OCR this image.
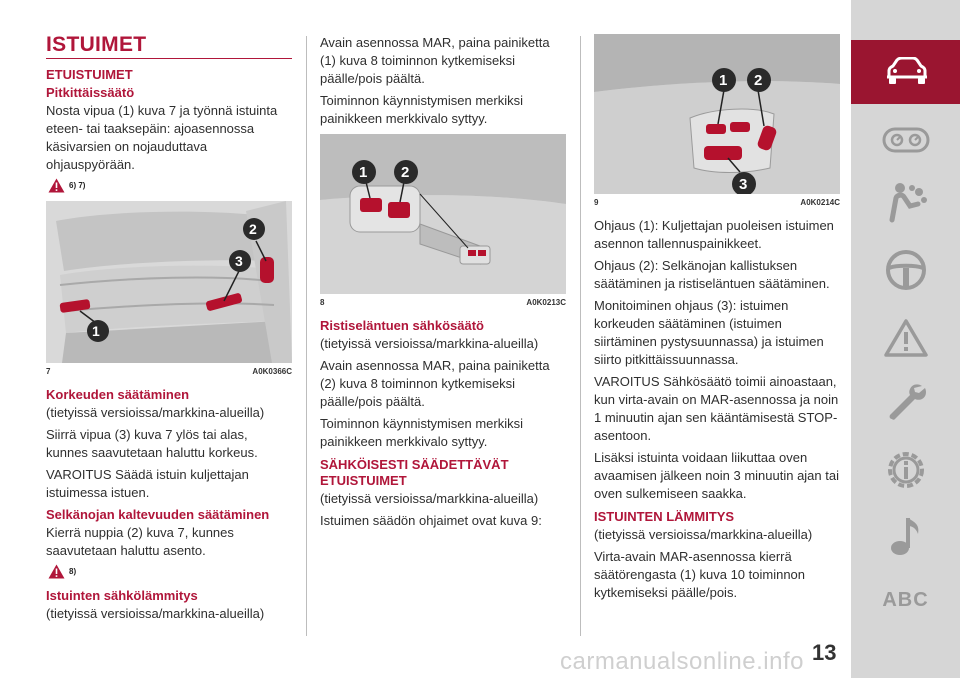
ISTUIMET
ETUISTUIMET
Pitkittäissäätö

Nosta vipua (1) kuva 7 ja työnnä istuinta eteen- tai taaksepäin: ajoasennossa käsivarsien on nojauduttava ohjauspyörään.

6) 7)
1
3
2
7	A0K0366C
Korkeuden säätäminen

(tietyissä versioissa/markkina-alueilla)

Siirrä vipua (3) kuva 7 ylös tai alas, kunnes saavutetaan haluttu korkeus.

VAROITUS Säädä istuin kuljettajan istuimessa istuen.

Selkänojan kaltevuuden säätäminen

Kierrä nuppia (2) kuva 7, kunnes saavutetaan haluttu asento.

8)
Istuinten sähkölämmitys

(tietyissä versioissa/markkina-alueilla)

Avain asennossa MAR, paina painiketta (1) kuva 8 toiminnon kytkemiseksi päälle/pois päältä.

Toiminnon käynnistymisen merkiksi painikkeen merkkivalo syttyy.

1 2
8	A0K0213C
Ristiseläntuen sähkösäätö

(tietyissä versioissa/markkina-alueilla)

Avain asennossa MAR, paina painiketta (2) kuva 8 toiminnon kytkemiseksi päälle/pois päältä.

Toiminnon käynnistymisen merkiksi painikkeen merkkivalo syttyy.

SÄHKÖISESTI SÄÄDETTÄVÄT ETUISTUIMET

(tietyissä versioissa/markkina-alueilla)

Istuimen säädön ohjaimet ovat kuva 9:

1 2
3
9	A0K0214C

Ohjaus (1): Kuljettajan puoleisen istuimen asennon tallennuspainikkeet.

Ohjaus (2): Selkänojan kallistuksen säätäminen ja ristiseläntuen säätäminen.

Monitoiminen ohjaus (3): istuimen korkeuden säätäminen (istuimen siirtäminen pystysuunnassa) ja istuimen siirto pitkittäissuunnassa.

VAROITUS Sähkösäätö toimii ainoastaan, kun virta-avain on MAR-asennossa ja noin 1 minuutin ajan sen kääntämisestä STOP-asentoon.

Lisäksi istuinta voidaan liikuttaa oven avaamisen jälkeen noin 3 minuutin ajan tai oven sulkemiseen saakka.

ISTUINTEN LÄMMITYS

(tietyissä versioissa/markkina-alueilla)

Virta-avain MAR-asennossa kierrä säätörengasta (1) kuva 10 toiminnon kytkemiseksi päälle/pois.	ABC
carmanualsonline.info 13
